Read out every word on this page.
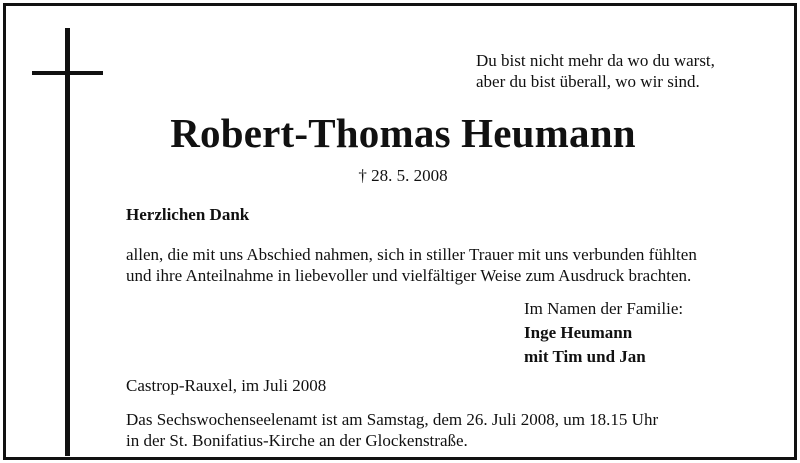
Du bist nicht mehr da wo du warst,
aber du bist überall, wo wir sind.
Robert-Thomas Heumann
† 28. 5. 2008
Herzlichen Dank
allen, die mit uns Abschied nahmen, sich in stiller Trauer mit uns verbunden fühlten
und ihre Anteilnahme in liebevoller und vielfältiger Weise zum Ausdruck brachten.
Im Namen der Familie:
Inge Heumann
mit Tim und Jan
Castrop-Rauxel, im Juli 2008
Das Sechswochenseelenamt ist am Samstag, dem 26. Juli 2008, um 18.15 Uhr
in der St. Bonifatius-Kirche an der Glockenstraße.
